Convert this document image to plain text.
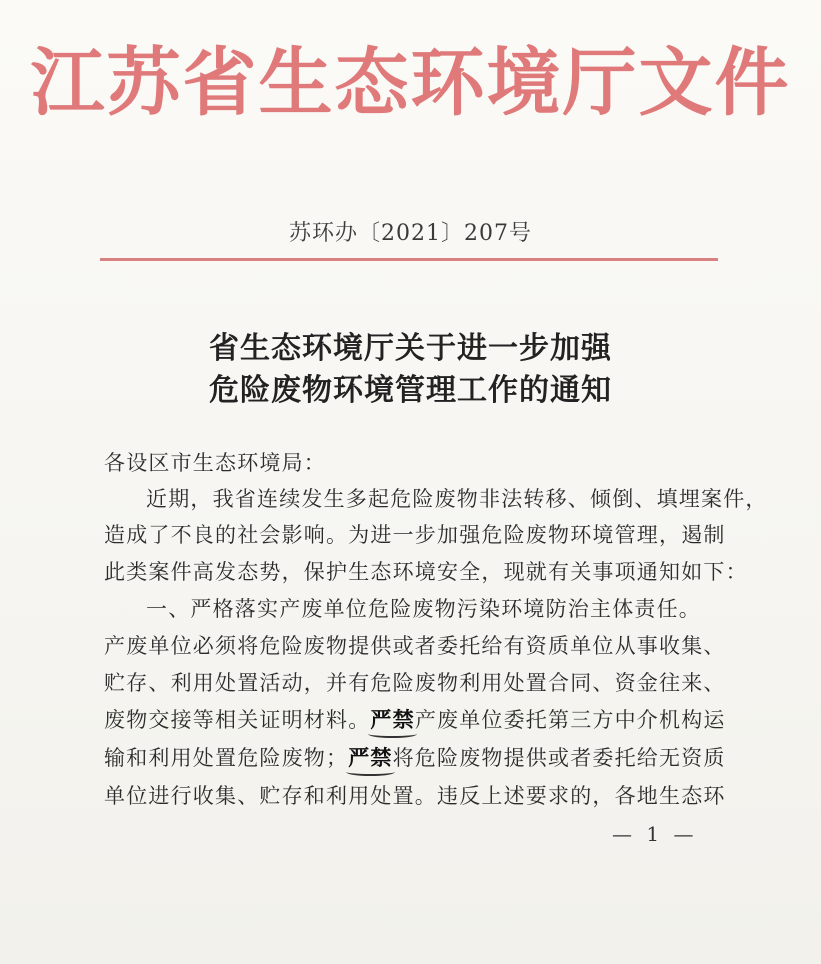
江苏省生态环境厅文件
苏环办〔2021〕207号
省生态环境厅关于进一步加强
危险废物环境管理工作的通知
各设区市生态环境局：
近期，我省连续发生多起危险废物非法转移、倾倒、填埋案件，
造成了不良的社会影响。为进一步加强危险废物环境管理，遏制
此类案件高发态势，保护生态环境安全，现就有关事项通知如下：
一、严格落实产废单位危险废物污染环境防治主体责任。
产废单位必须将危险废物提供或者委托给有资质单位从事收集、
贮存、利用处置活动，并有危险废物利用处置合同、资金往来、
废物交接等相关证明材料。严禁产废单位委托第三方中介机构运
输和利用处置危险废物；严禁将危险废物提供或者委托给无资质
单位进行收集、贮存和利用处置。违反上述要求的，各地生态环
— 1 —
